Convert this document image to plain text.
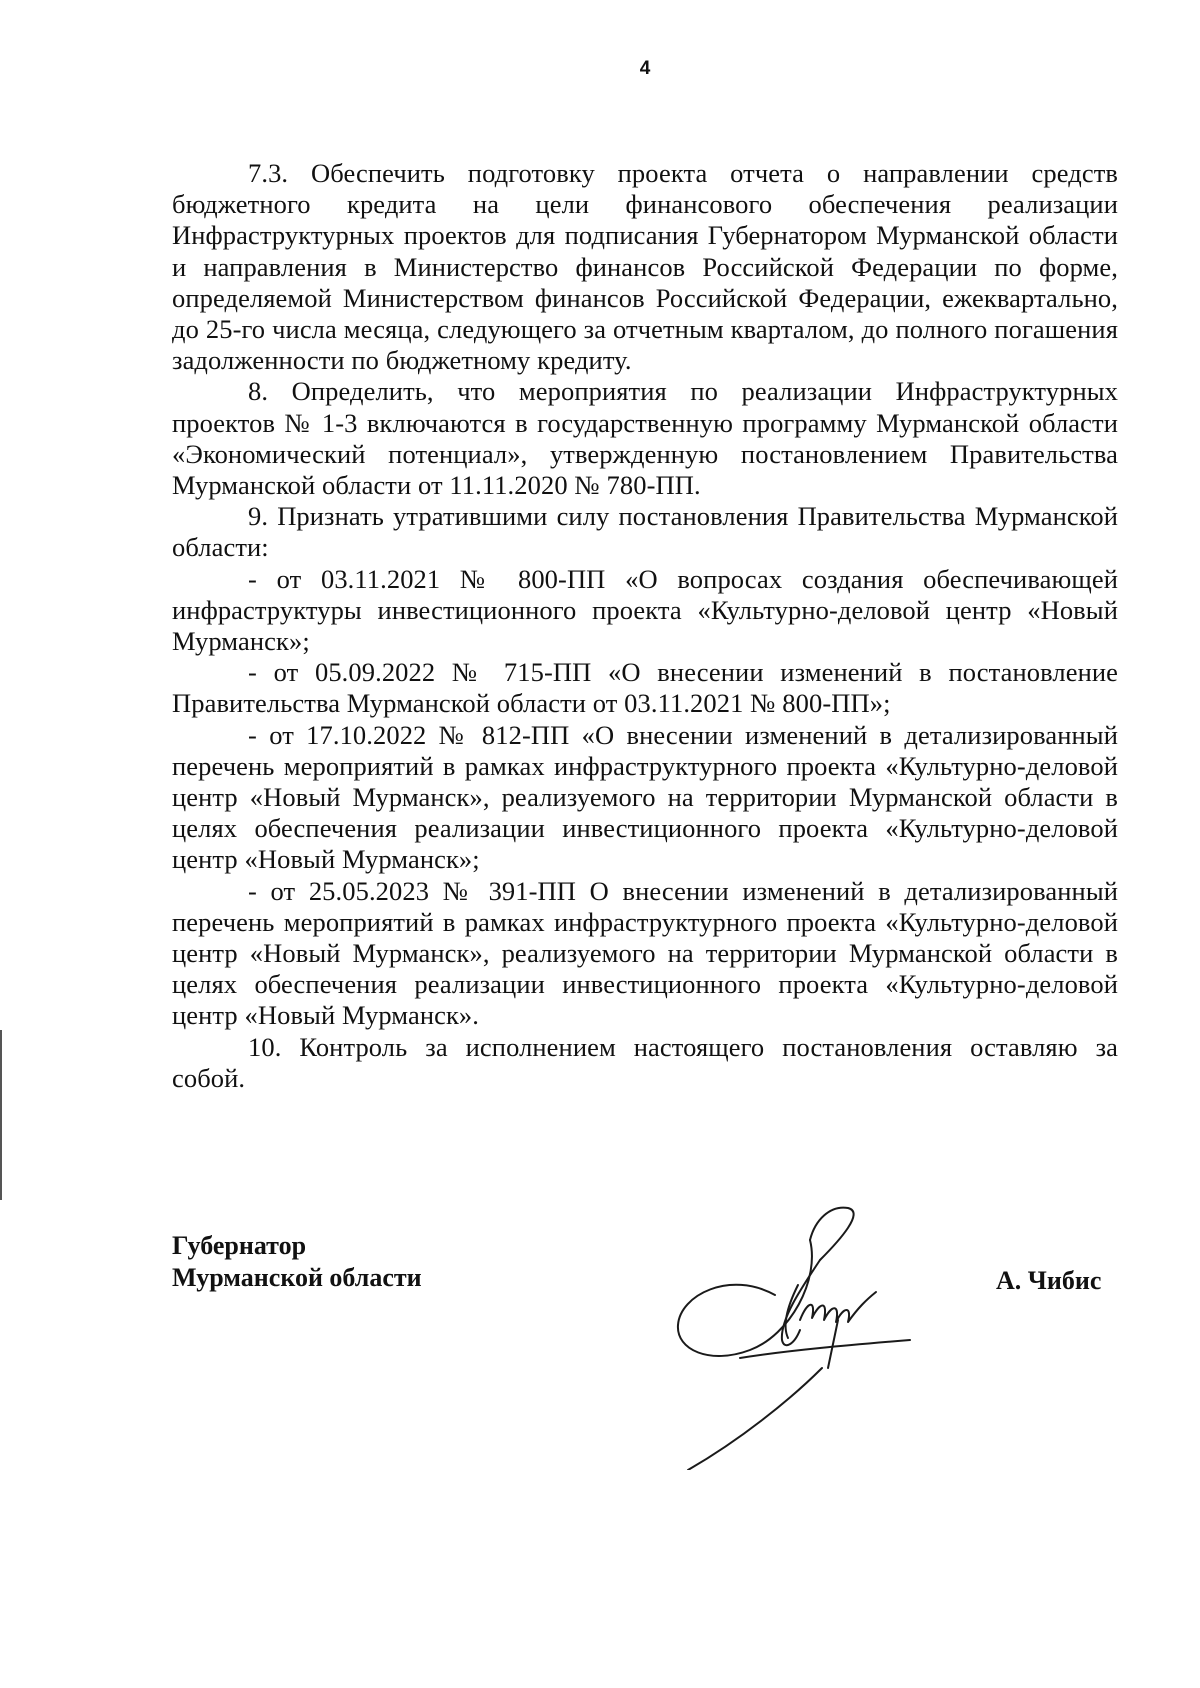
4

7.3. Обеспечить подготовку проекта отчета о направлении средств бюджетного кредита на цели финансового обеспечения реализации Инфраструктурных проектов для подписания Губернатором Мурманской области и направления в Министерство финансов Российской Федерации по форме, определяемой Министерством финансов Российской Федерации, ежеквартально, до 25-го числа месяца, следующего за отчетным кварталом, до полного погашения задолженности по бюджетному кредиту.

8. Определить, что мероприятия по реализации Инфраструктурных проектов № 1-3 включаются в государственную программу Мурманской области «Экономический потенциал», утвержденную постановлением Правительства Мурманской области от 11.11.2020 № 780-ПП.

9. Признать утратившими силу постановления Правительства Мурманской области:

- от 03.11.2021 № 800-ПП «О вопросах создания обеспечивающей инфраструктуры инвестиционного проекта «Культурно-деловой центр «Новый Мурманск»;

- от 05.09.2022 № 715-ПП «О внесении изменений в постановление Правительства Мурманской области от 03.11.2021 № 800-ПП»;

- от 17.10.2022 № 812-ПП «О внесении изменений в детализированный перечень мероприятий в рамках инфраструктурного проекта «Культурно-деловой центр «Новый Мурманск», реализуемого на территории Мурманской области в целях обеспечения реализации инвестиционного проекта «Культурно-деловой центр «Новый Мурманск»;

- от 25.05.2023 № 391-ПП О внесении изменений в детализированный перечень мероприятий в рамках инфраструктурного проекта «Культурно-деловой центр «Новый Мурманск», реализуемого на территории Мурманской области в целях обеспечения реализации инвестиционного проекта «Культурно-деловой центр «Новый Мурманск».

10. Контроль за исполнением настоящего постановления оставляю за собой.

Губернатор
Мурманской области	А. Чибис
